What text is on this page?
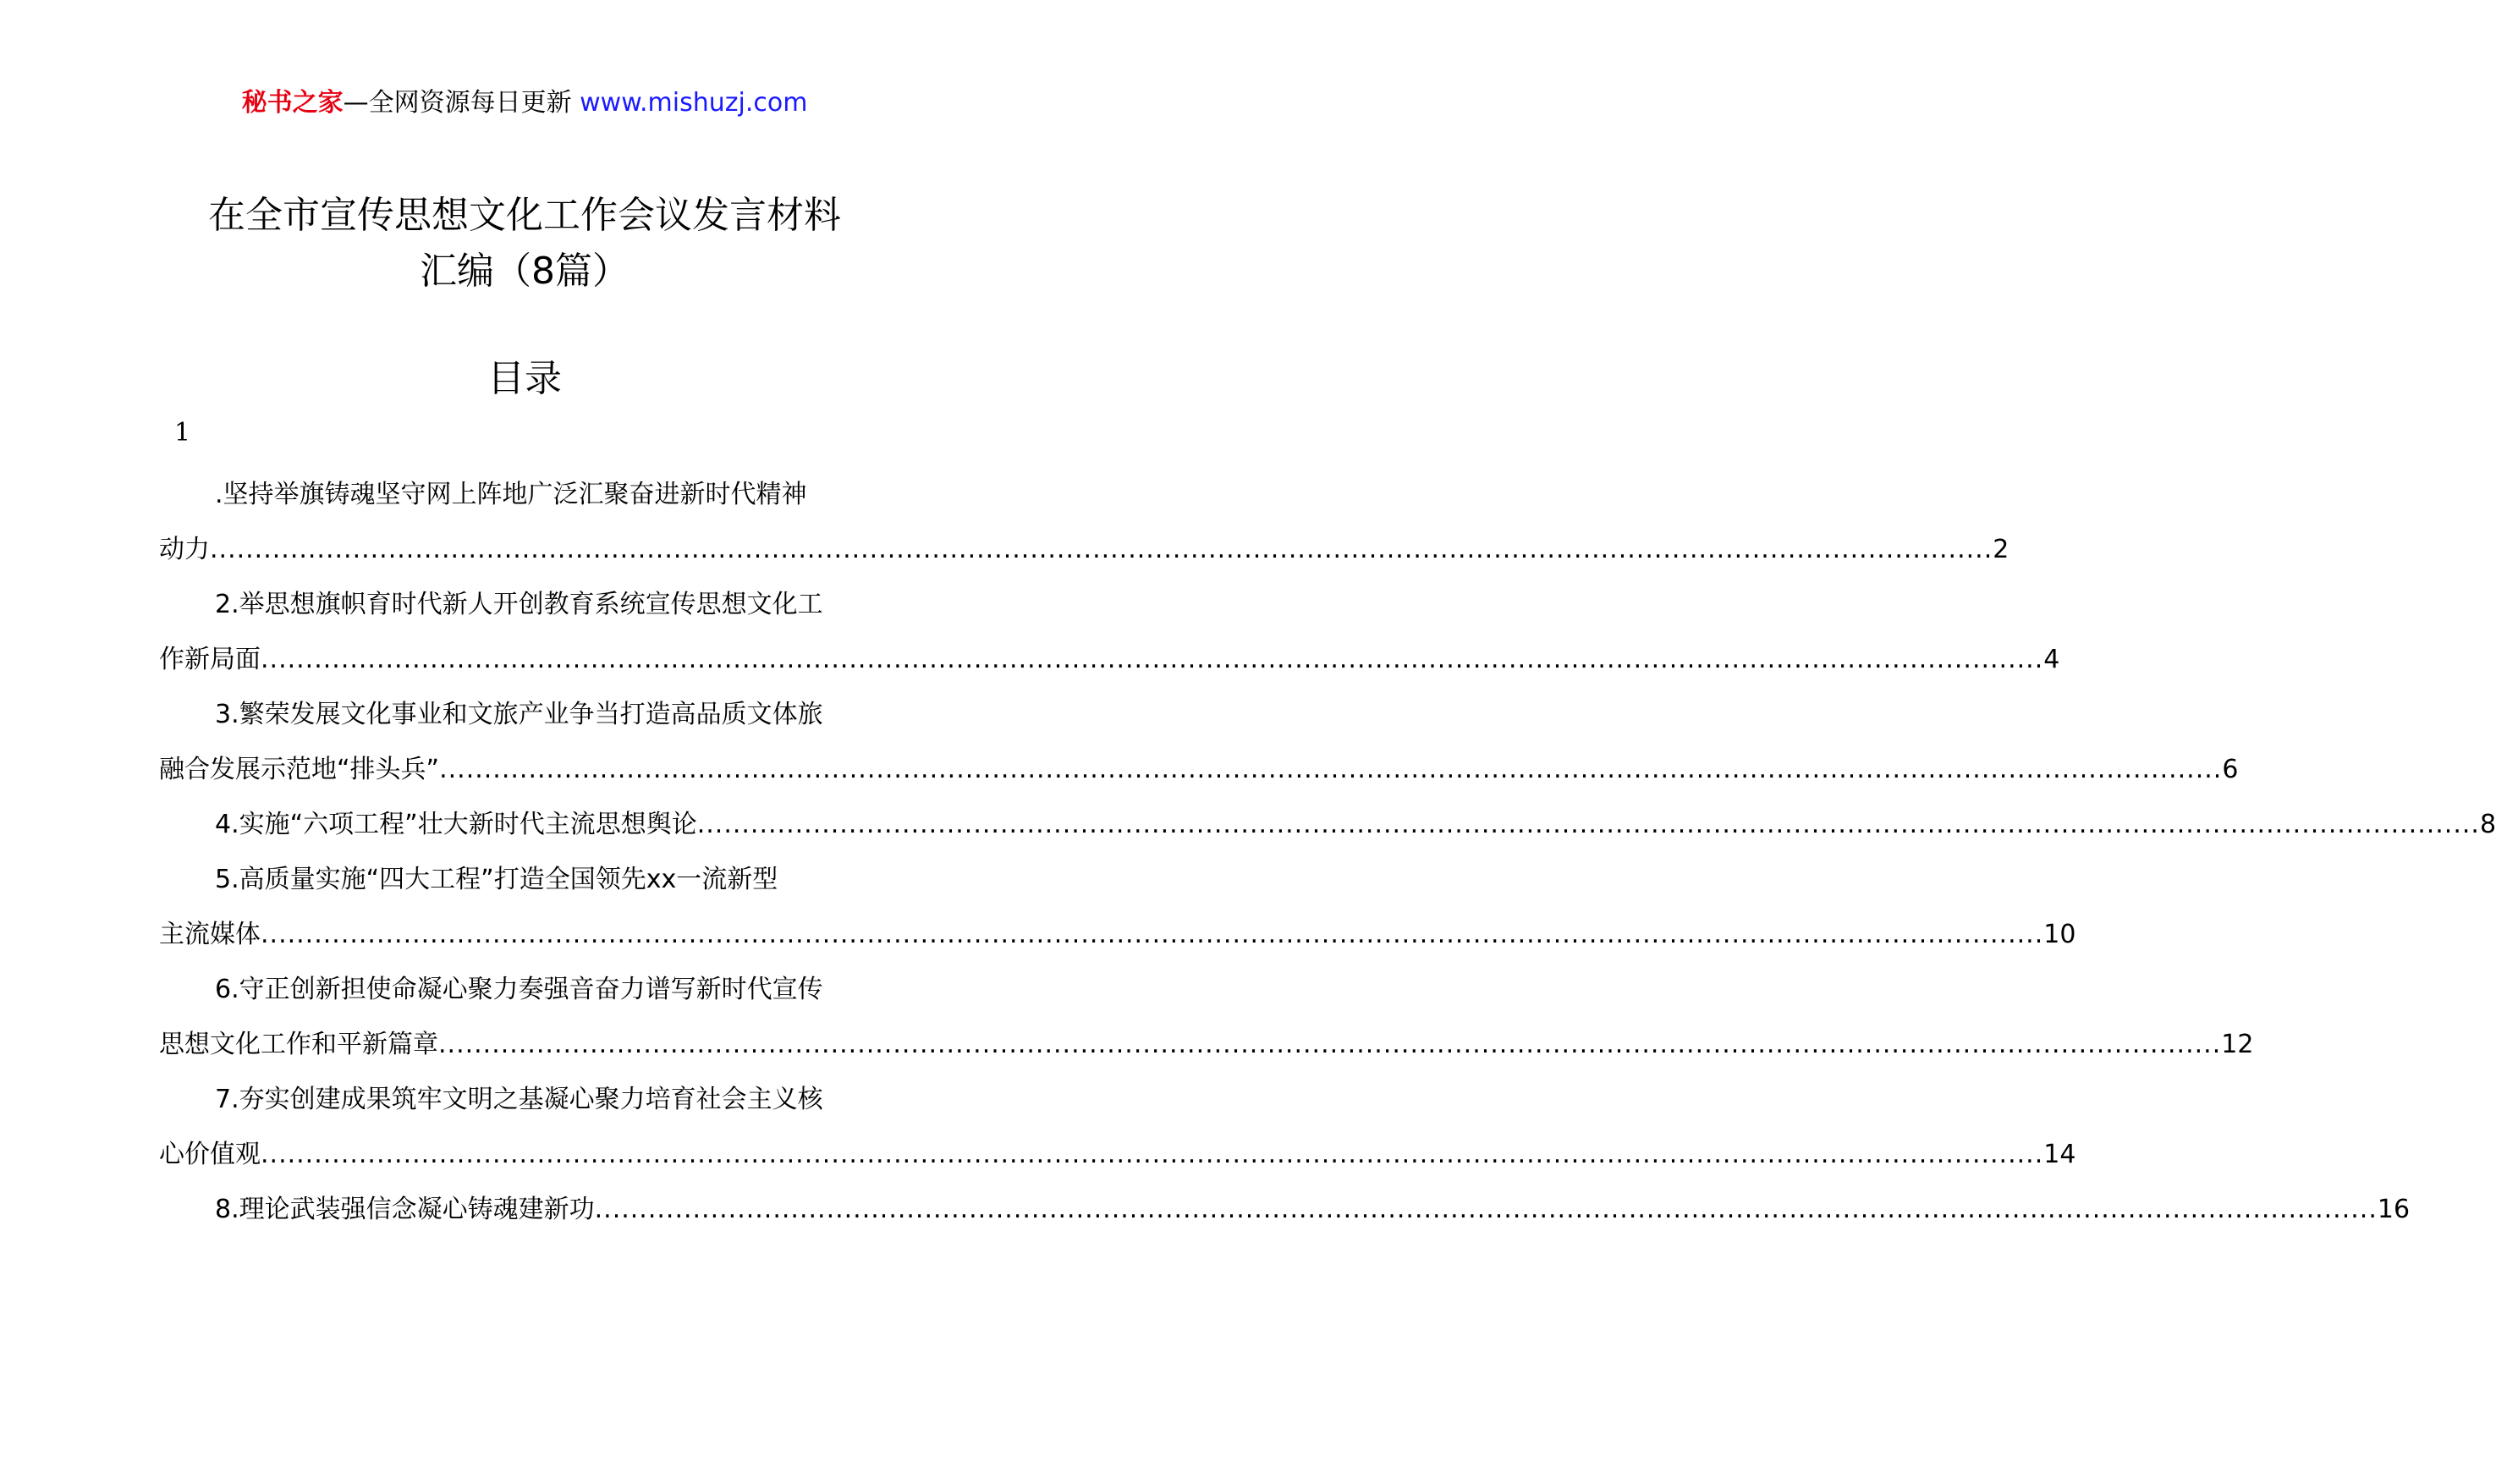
秘书之家—全网资源每日更新 www.mishuzj.com
在全市宣传思想文化工作会议发言材料
汇编（8篇）
目录
1
.坚持举旗铸魂坚守网上阵地广泛汇聚奋进新时代精神
动力 ........................................................................................................................................................................................................ 2
2.举思想旗帜育时代新人开创教育系统宣传思想文化工
作新局面 ........................................................................................................................................................................................................ 4
3.繁荣发展文化事业和文旅产业争当打造高品质文体旅
融合发展示范地“排头兵” ........................................................................................................................................................................................................ 6
4.实施“六项工程”壮大新时代主流思想舆论 ........................................................................................................................................................................................................ 8
5.高质量实施“四大工程”打造全国领先xx一流新型
主流媒体 ........................................................................................................................................................................................................ 10
6.守正创新担使命凝心聚力奏强音奋力谱写新时代宣传
思想文化工作和平新篇章 ........................................................................................................................................................................................................ 12
7.夯实创建成果筑牢文明之基凝心聚力培育社会主义核
心价值观 ........................................................................................................................................................................................................ 14
8.理论武装强信念凝心铸魂建新功 ........................................................................................................................................................................................................ 16
